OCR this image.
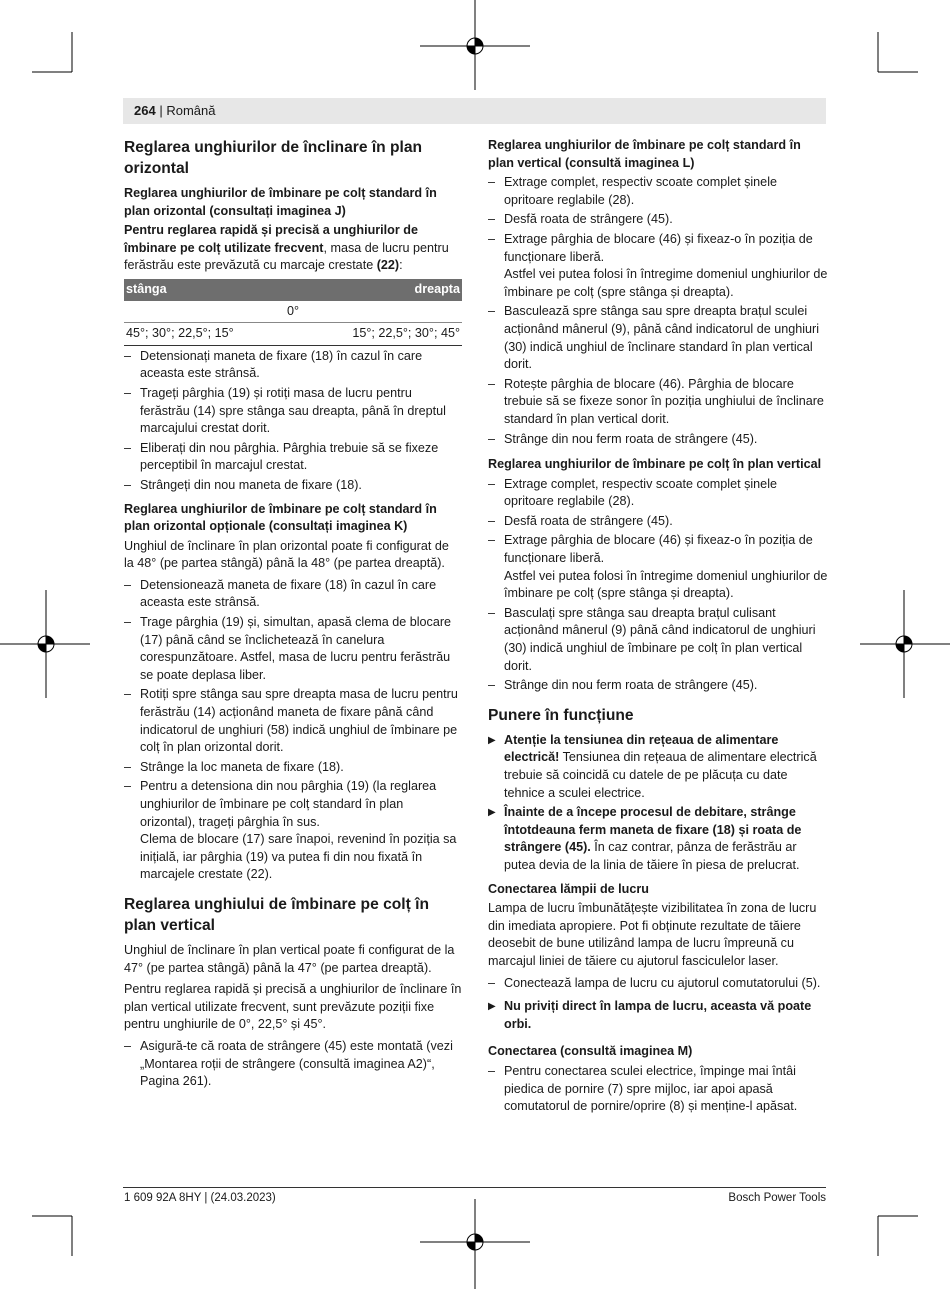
264 | Română
Reglarea unghiurilor de înclinare în plan orizontal
Reglarea unghiurilor de îmbinare pe colț standard în plan orizontal (consultați imaginea J)

Pentru reglarea rapidă și precisă a unghiurilor de îmbinare pe colț utilizate frecvent, masa de lucru pentru ferăstrău este prevăzută cu marcaje crestate (22):

stânga	dreapta
0°	
45°; 30°; 22,5°; 15°	15°; 22,5°; 30°; 45°
– Detensionați maneta de fixare (18) în cazul în care aceasta este strânsă.
– Trageți pârghia (19) și rotiți masa de lucru pentru ferăstrău (14) spre stânga sau dreapta, până în dreptul marcajului crestat dorit.
– Eliberați din nou pârghia. Pârghia trebuie să se fixeze perceptibil în marcajul crestat.
– Strângeți din nou maneta de fixare (18).
Reglarea unghiurilor de îmbinare pe colț standard în plan orizontal opționale (consultați imaginea K)

Unghiul de înclinare în plan orizontal poate fi configurat de la 48° (pe partea stângă) până la 48° (pe partea dreaptă).

– Detensionează maneta de fixare (18) în cazul în care aceasta este strânsă.
– Trage pârghia (19) și, simultan, apasă clema de blocare (17) până când se înclichetează în canelura corespunzătoare. Astfel, masa de lucru pentru ferăstrău se poate deplasa liber.
– Rotiți spre stânga sau spre dreapta masa de lucru pentru ferăstrău (14) acționând maneta de fixare până când indicatorul de unghiuri (58) indică unghiul de îmbinare pe colț în plan orizontal dorit.
– Strânge la loc maneta de fixare (18).
– Pentru a detensiona din nou pârghia (19) (la reglarea unghiurilor de îmbinare pe colț standard în plan orizontal), trageți pârghia în sus.
Clema de blocare (17) sare înapoi, revenind în poziția sa inițială, iar pârghia (19) va putea fi din nou fixată în marcajele crestate (22).
Reglarea unghiului de îmbinare pe colț în plan vertical

Unghiul de înclinare în plan vertical poate fi configurat de la 47° (pe partea stângă) până la 47° (pe partea dreaptă).

Pentru reglarea rapidă și precisă a unghiurilor de înclinare în plan vertical utilizate frecvent, sunt prevăzute poziții fixe pentru unghiurile de 0°, 22,5° și 45°.

– Asigură-te că roata de strângere (45) este montată (vezi „Montarea roții de strângere (consultă imaginea A2)“, Pagina 261).
Reglarea unghiurilor de îmbinare pe colț standard în plan vertical (consultă imaginea L)
– Extrage complet, respectiv scoate complet șinele opritoare reglabile (28).
– Desfă roata de strângere (45).
– Extrage pârghia de blocare (46) și fixeaz-o în poziția de funcționare liberă.
Astfel vei putea folosi în întregime domeniul unghiurilor de îmbinare pe colț (spre stânga și dreapta).
– Basculează spre stânga sau spre dreapta brațul sculei acționând mânerul (9), până când indicatorul de unghiuri (30) indică unghiul de înclinare standard în plan vertical dorit.
– Rotește pârghia de blocare (46). Pârghia de blocare trebuie să se fixeze sonor în poziția unghiului de înclinare standard în plan vertical dorit.
– Strânge din nou ferm roata de strângere (45).
Reglarea unghiurilor de îmbinare pe colț în plan vertical
– Extrage complet, respectiv scoate complet șinele opritoare reglabile (28).
– Desfă roata de strângere (45).
– Extrage pârghia de blocare (46) și fixeaz-o în poziția de funcționare liberă.
Astfel vei putea folosi în întregime domeniul unghiurilor de îmbinare pe colț (spre stânga și dreapta).
– Basculați spre stânga sau dreapta brațul culisant acționând mânerul (9) până când indicatorul de unghiuri (30) indică unghiul de îmbinare pe colț în plan vertical dorit.
– Strânge din nou ferm roata de strângere (45).
Punere în funcțiune
▶ Atenție la tensiunea din rețeaua de alimentare electrică! Tensiunea din rețeaua de alimentare electrică trebuie să coincidă cu datele de pe plăcuța cu date tehnice a sculei electrice.
▶ Înainte de a începe procesul de debitare, strânge întotdeauna ferm maneta de fixare (18) și roata de strângere (45). În caz contrar, pânza de ferăstrău ar putea devia de la linia de tăiere în piesa de prelucrat.
Conectarea lămpii de lucru

Lampa de lucru îmbunătățește vizibilitatea în zona de lucru din imediata apropiere. Pot fi obținute rezultate de tăiere deosebit de bune utilizând lampa de lucru împreună cu marcajul liniei de tăiere cu ajutorul fasciculelor laser.

– Conectează lampa de lucru cu ajutorul comutatorului (5).
▶ Nu priviți direct în lampa de lucru, aceasta vă poate orbi.
Conectarea (consultă imaginea M)
– Pentru conectarea sculei electrice, împinge mai întâi piedica de pornire (7) spre mijloc, iar apoi apasă comutatorul de pornire/oprire (8) și menține-l apăsat.
1 609 92A 8HY | (24.03.2023)	Bosch Power Tools
